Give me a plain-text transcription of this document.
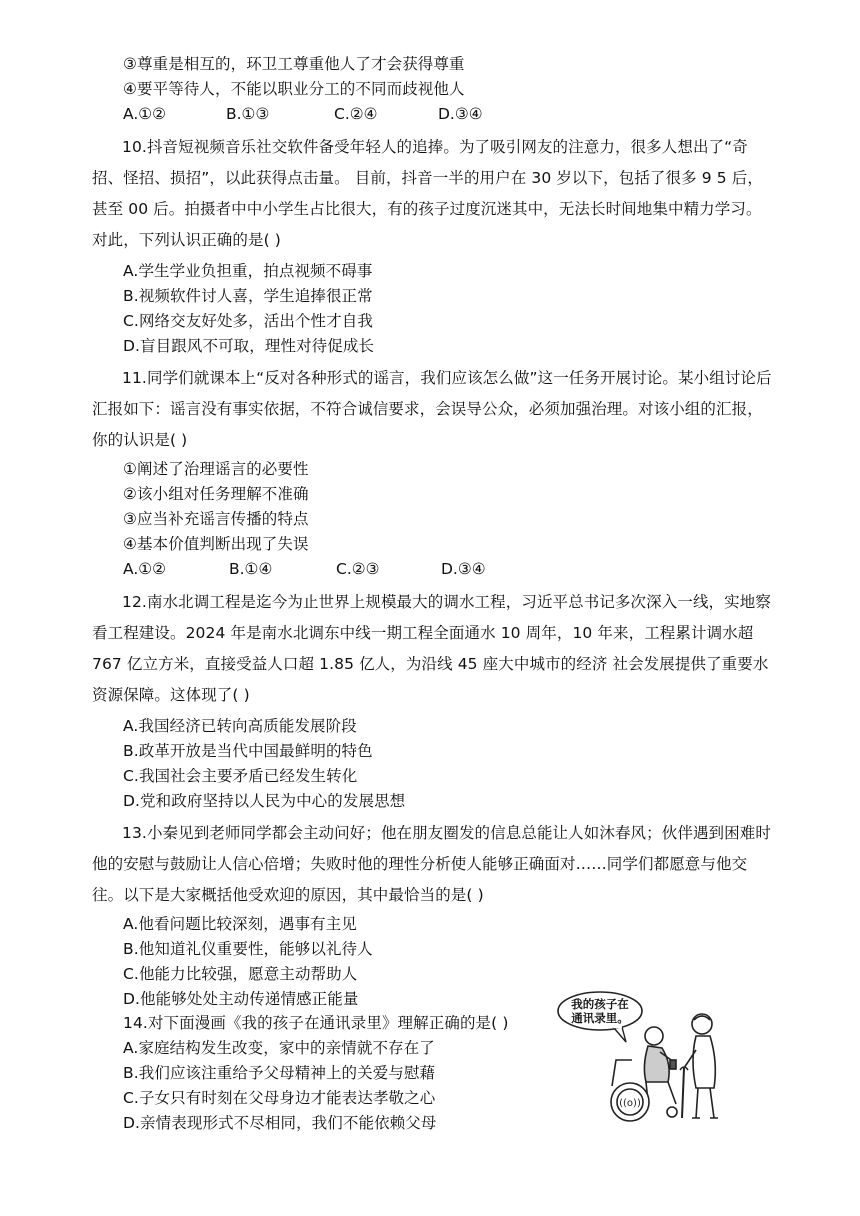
③尊重是相互的，环卫工尊重他人了才会获得尊重
④要平等待人，不能以职业分工的不同而歧视他人
A.①②	B.①③	C.②④	D.③④
10.抖音短视频音乐社交软件备受年轻人的追捧。为了吸引网友的注意力，很多人想出了“奇招、怪招、损招”，以此获得点击量。 目前，抖音一半的用户在 30 岁以下，包括了很多 9 5 后，甚至 00 后。拍摄者中中小学生占比很大，有的孩子过度沉迷其中，无法长时间地集中精力学习。对此，下列认识正确的是( )
A.学生学业负担重，拍点视频不碍事
B.视频软件讨人喜，学生追捧很正常
C.网络交友好处多，活出个性才自我
D.盲目跟风不可取，理性对待促成长
11.同学们就课本上“反对各种形式的谣言，我们应该怎么做”这一任务开展讨论。某小组讨论后汇报如下：谣言没有事实依据，不符合诚信要求，会误导公众，必须加强治理。对该小组的汇报，你的认识是( )
①阐述了治理谣言的必要性
②该小组对任务理解不准确
③应当补充谣言传播的特点
④基本价值判断出现了失误
A.①②	B.①④	C.②③	D.③④
12.南水北调工程是迄今为止世界上规模最大的调水工程，习近平总书记多次深入一线，实地察看工程建设。2024 年是南水北调东中线一期工程全面通水 10 周年，10 年来，工程累计调水超 767 亿立方米，直接受益人口超 1.85 亿人，为沿线 45 座大中城市的经济 社会发展提供了重要水资源保障。这体现了( )
A.我国经济已转向高质能发展阶段
B.政革开放是当代中国最鲜明的特色
C.我国社会主要矛盾已经发生转化
D.党和政府坚持以人民为中心的发展思想
13.小秦见到老师同学都会主动问好；他在朋友圈发的信息总能让人如沐春风；伙伴遇到困难时他的安慰与鼓励让人信心倍增；失败时他的理性分析使人能够正确面对……同学们都愿意与他交往。以下是大家概括他受欢迎的原因，其中最恰当的是( )
A.他看问题比较深刻，遇事有主见
B.他知道礼仪重要性，能够以礼待人
C.他能力比较强，愿意主动帮助人
D.他能够处处主动传递情感正能量
14.对下面漫画《我的孩子在通讯录里》理解正确的是( )
A.家庭结构发生改变，家中的亲情就不存在了
B.我们应该注重给予父母精神上的关爱与慰藉
C.子女只有时刻在父母身边才能表达孝敬之心
D.亲情表现形式不尽相同，我们不能依赖父母
我的孩子在
通讯录里。
((o))
